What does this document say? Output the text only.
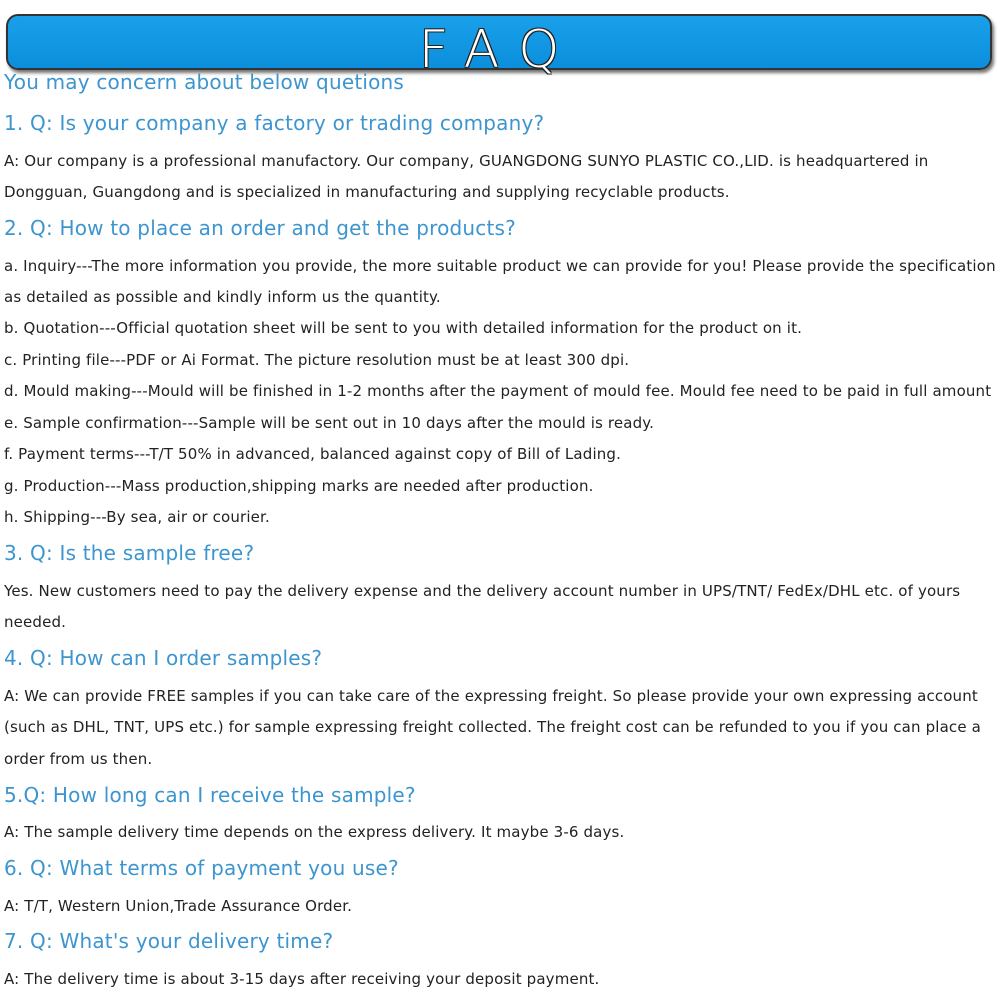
FAQ
You may concern about below quetions
1. Q: Is your company a factory or trading company?
A: Our company is a professional manufactory. Our company, GUANGDONG SUNYO PLASTIC CO.,LID. is headquartered in
Dongguan, Guangdong and is specialized in manufacturing and supplying recyclable products.
2. Q: How to place an order and get the products?
a. Inquiry---The more information you provide, the more suitable product we can provide for you! Please provide the specification
as detailed as possible and kindly inform us the quantity.
b. Quotation---Official quotation sheet will be sent to you with detailed information for the product on it.
c. Printing file---PDF or Ai Format. The picture resolution must be at least 300 dpi.
d. Mould making---Mould will be finished in 1-2 months after the payment of mould fee. Mould fee need to be paid in full amount
e. Sample confirmation---Sample will be sent out in 10 days after the mould is ready.
f. Payment terms---T/T 50% in advanced, balanced against copy of Bill of Lading.
g. Production---Mass production,shipping marks are needed after production.
h. Shipping---By sea, air or courier.
3. Q: Is the sample free?
Yes. New customers need to pay the delivery expense and the delivery account number in UPS/TNT/ FedEx/DHL etc. of yours
needed.
4. Q: How can I order samples?
A: We can provide FREE samples if you can take care of the expressing freight. So please provide your own expressing account
(such as DHL, TNT, UPS etc.) for sample expressing freight collected. The freight cost can be refunded to you if you can place a
order from us then.
5.Q: How long can I receive the sample?
A: The sample delivery time depends on the express delivery. It maybe 3-6 days.
6. Q: What terms of payment you use?
A: T/T, Western Union,Trade Assurance Order.
7. Q: What's your delivery time?
A: The delivery time is about 3-15 days after receiving your deposit payment.
